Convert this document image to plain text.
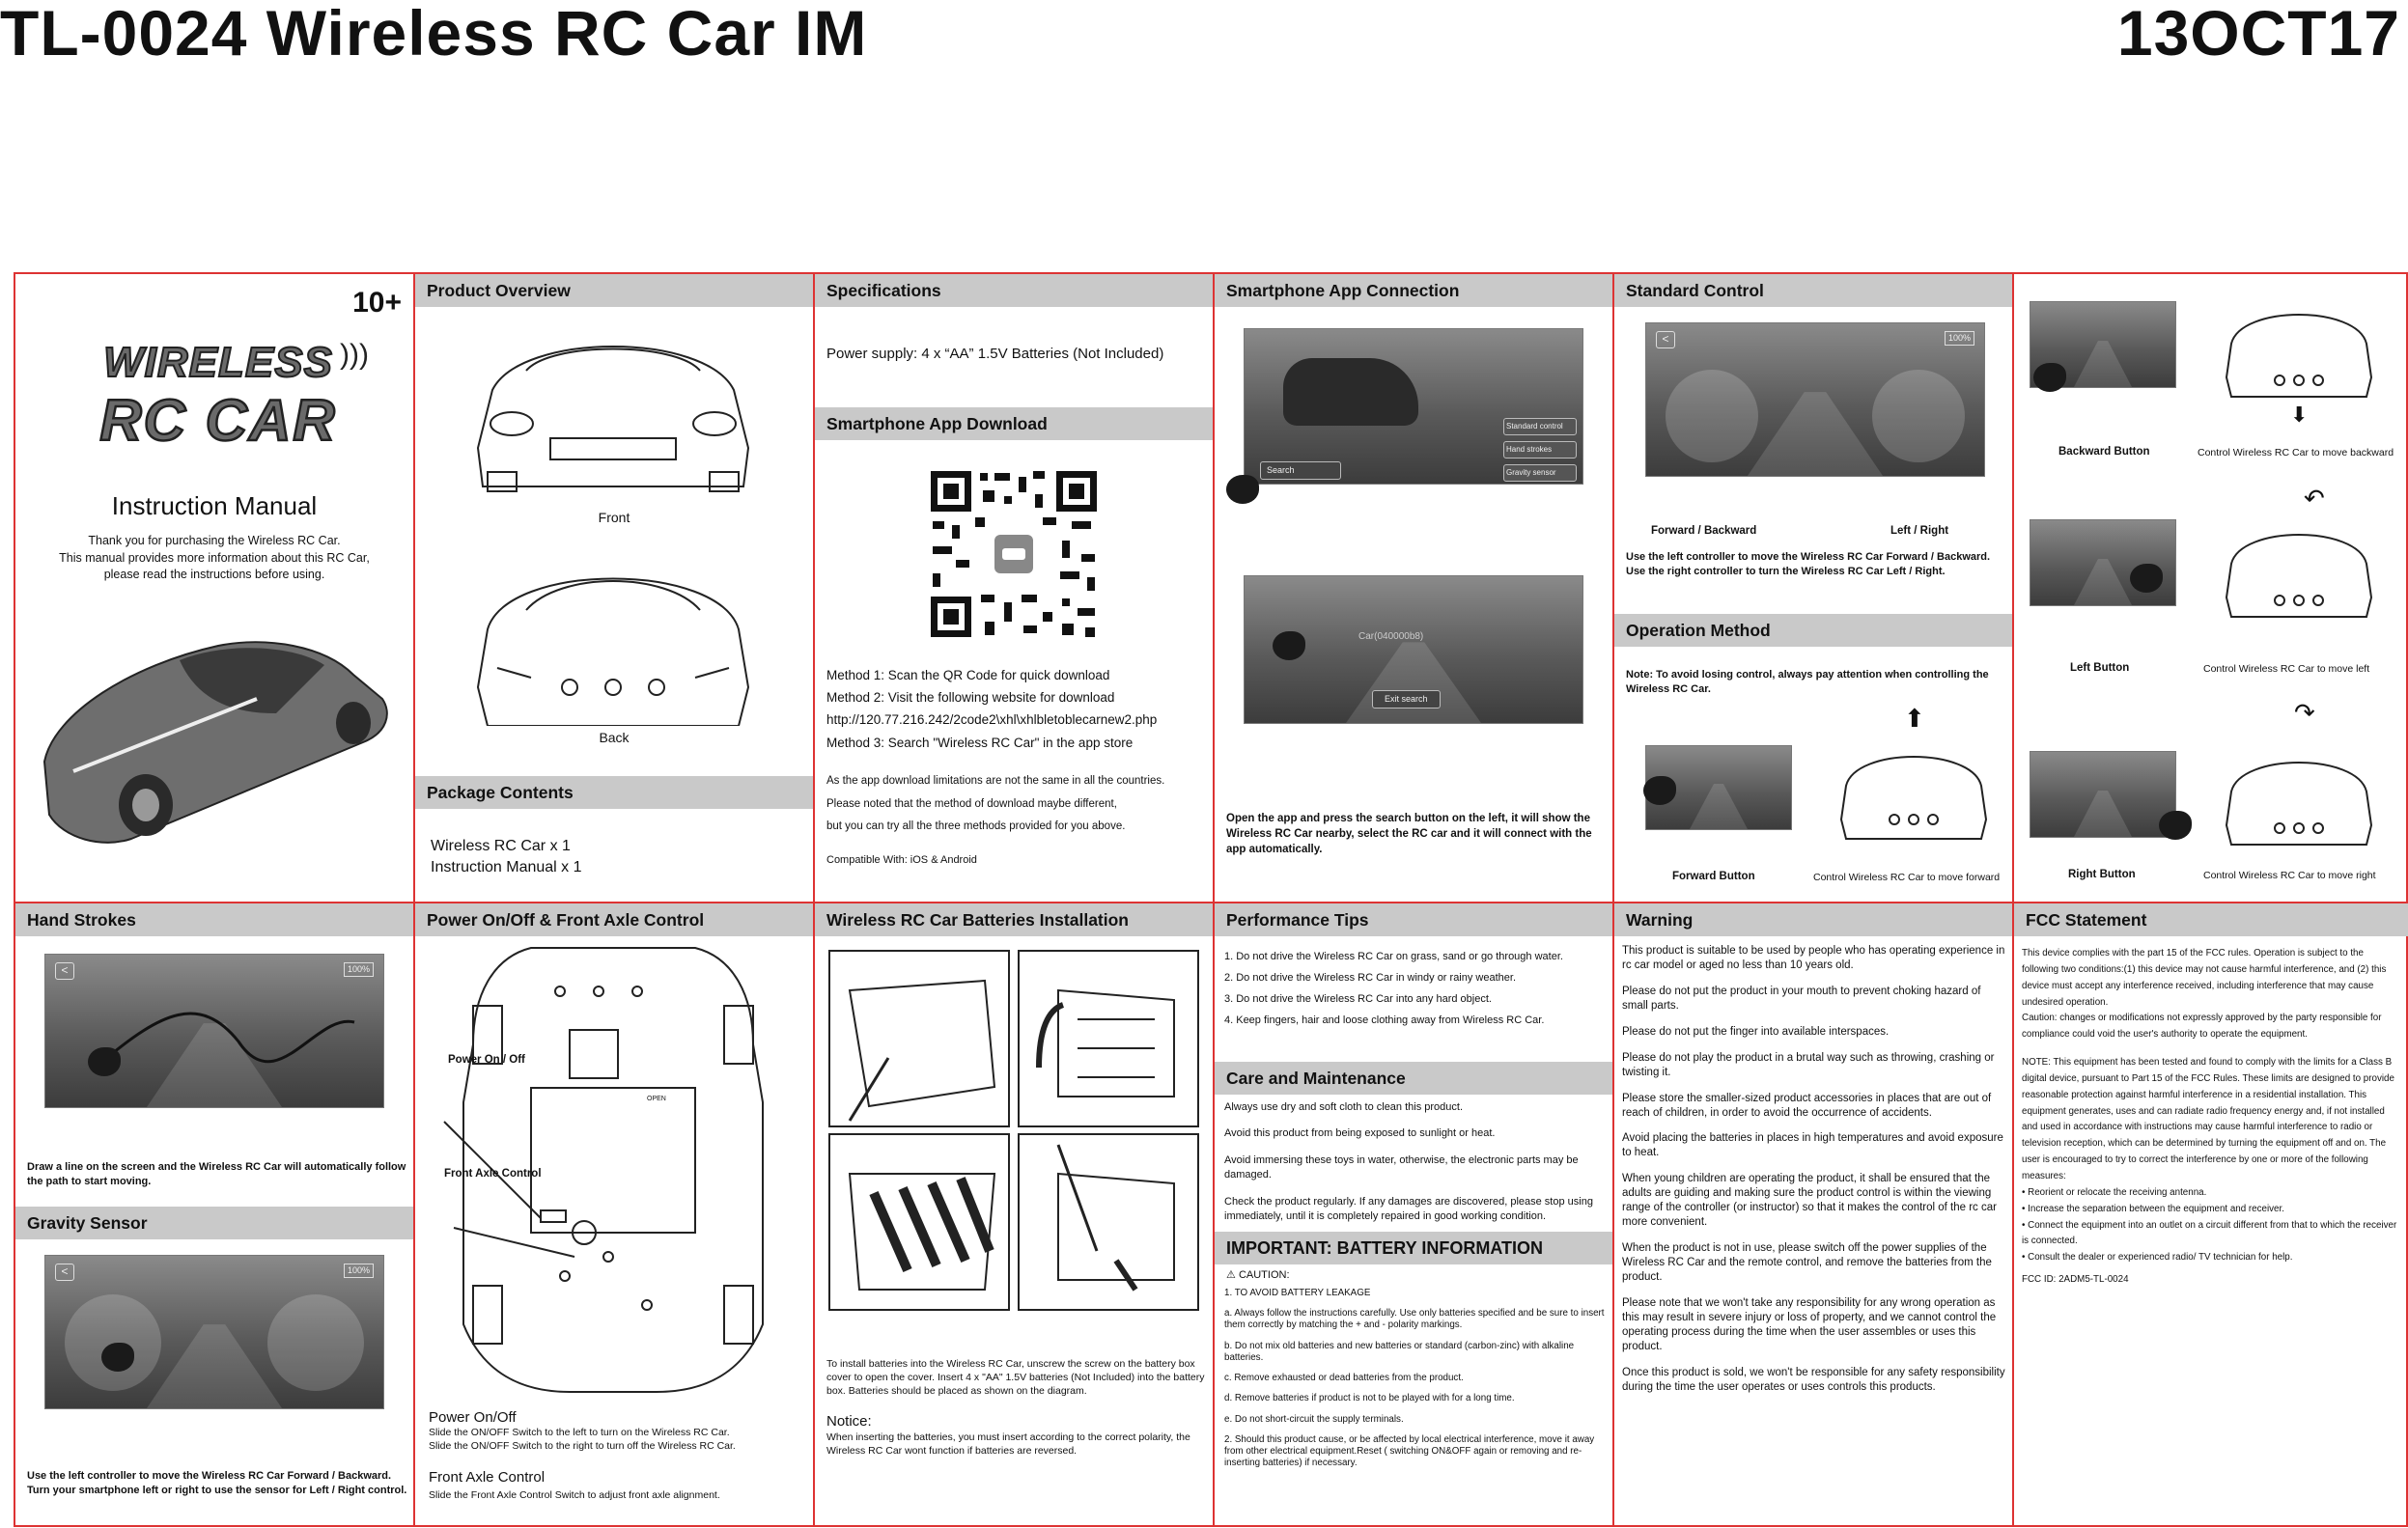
TL-0024 Wireless RC Car IM	13OCT17
10+
WIRELESS
RC CAR
)))
Instruction Manual
Thank you for purchasing the Wireless RC Car.
This manual provides more information about this RC Car,
please read the instructions before using.
Product Overview
Front
Back
Package Contents
Wireless RC Car x 1
Instruction Manual x 1
Specifications
Power supply: 4 x “AA” 1.5V Batteries (Not Included)
Smartphone App Download
Method 1: Scan the QR Code for quick download
Method 2: Visit the following website for download
http://120.77.216.242/2code2\xhl\xhlbletoblecarnew2.php
Method 3: Search "Wireless RC Car" in the app store
As the app download limitations are not the same in all the countries.
Please noted that the method of download maybe different,
but you can try all the three methods provided for you above.
Compatible With: iOS & Android
Smartphone App Connection
Standard control
Hand strokes
Gravity sensor
Search
Car(040000b8)
Exit search
Open the app and press the search button on the left, it will show the Wireless RC Car nearby, select the RC car and it will connect with the app automatically.
Standard Control
<	100%
Forward / Backward	Left / Right
Use the left controller to move the Wireless RC Car Forward / Backward. Use the right controller to turn the Wireless RC Car Left / Right.
Operation Method
Note: To avoid losing control, always pay attention when controlling the Wireless RC Car.
⬆
Forward Button	Control Wireless RC Car to move forward
⬇
Backward Button	Control Wireless RC Car to move backward
↶
Left Button	Control Wireless RC Car to move left
↷
Right Button	Control Wireless RC Car to move right
Hand Strokes
<	100%
Draw a line on the screen and the Wireless RC Car will automatically follow the path to start moving.
Gravity Sensor
<	100%
Use the left controller to move the Wireless RC Car Forward / Backward. Turn your smartphone left or right to use the sensor for Left / Right control.
Power On/Off & Front Axle Control
OPEN
Power On / Off
Front Axle Control
Power On/Off
Slide the ON/OFF Switch to the left to turn on the Wireless RC Car.
Slide the ON/OFF Switch to the right to turn off the Wireless RC Car.
Front Axle Control
Slide the Front Axle Control Switch to adjust front axle alignment.
Wireless RC Car Batteries Installation
To install batteries into the Wireless RC Car, unscrew the screw on the battery box cover to open the cover. Insert 4 x "AA" 1.5V batteries (Not Included) into the battery box. Batteries should be placed as shown on the diagram.
Notice:
When inserting the batteries, you must insert according to the correct polarity, the Wireless RC Car wont function if batteries are reversed.
Performance Tips
1. Do not drive the Wireless RC Car on grass, sand or go through water.
2. Do not drive the Wireless RC Car in windy or rainy weather.
3. Do not drive the Wireless RC Car into any hard object.
4. Keep fingers, hair and loose clothing away from Wireless RC Car.
Care and Maintenance
Always use dry and soft cloth to clean this product.
Avoid this product from being exposed to sunlight or heat.
Avoid immersing these toys in water, otherwise, the electronic parts may be damaged.
Check the product regularly. If any damages are discovered, please stop using immediately, until it is completely repaired in good working condition.
IMPORTANT: BATTERY INFORMATION
⚠ CAUTION:
1. TO AVOID BATTERY LEAKAGE
a. Always follow the instructions carefully. Use only batteries specified and be sure to insert them correctly by matching the + and - polarity markings.
b. Do not mix old batteries and new batteries or standard (carbon-zinc) with alkaline batteries.
c. Remove exhausted or dead batteries from the product.
d. Remove batteries if product is not to be played with for a long time.
e. Do not short-circuit the supply terminals.
2. Should this product cause, or be affected by local electrical interference, move it away from other electrical equipment.Reset ( switching ON&OFF again or removing and re-inserting batteries) if necessary.
Warning
This product is suitable to be used by people who has operating experience in rc car model or aged no less than 10 years old.
Please do not put the product in your mouth to prevent choking hazard of small parts.
Please do not put the finger into available interspaces.
Please do not play the product in a brutal way such as throwing, crashing or twisting it.
Please store the smaller-sized product accessories in places that are out of reach of children, in order to avoid the occurrence of accidents.
Avoid placing the batteries in places in high temperatures and avoid exposure to heat.
When young children are operating the product, it shall be ensured that the adults are guiding and making sure the product control is within the viewing range of the controller (or instructor) so that it makes the control of the rc car more convenient.
When the product is not in use, please switch off the power supplies of the Wireless RC Car and the remote control, and remove the batteries from the product.
Please note that we won't take any responsibility for any wrong operation as this may result in severe injury or loss of property, and we cannot control the operating process during the time when the user assembles or uses this product.
Once this product is sold, we won't be responsible for any safety responsibility during the time the user operates or uses controls this products.
FCC Statement
This device complies with the part 15 of the FCC rules. Operation is subject to the following two conditions:(1) this device may not cause harmful interference, and (2) this device must accept any interference received, including interference that may cause undesired operation.
Caution: changes or modifications not expressly approved by the party responsible for compliance could void the user's authority to operate the equipment.
NOTE: This equipment has been tested and found to comply with the limits for a Class B digital device, pursuant to Part 15 of the FCC Rules. These limits are designed to provide reasonable protection against harmful interference in a residential installation. This equipment generates, uses and can radiate radio frequency energy and, if not installed and used in accordance with instructions may cause harmful interference to radio or television reception, which can be determined by turning the equipment off and on. The user is encouraged to try to correct the interference by one or more of the following measures:
• Reorient or relocate the receiving antenna.
• Increase the separation between the equipment and receiver.
• Connect the equipment into an outlet on a circuit different from that to which the receiver is connected.
• Consult the dealer or experienced radio/ TV technician for help.
FCC ID: 2ADM5-TL-0024
